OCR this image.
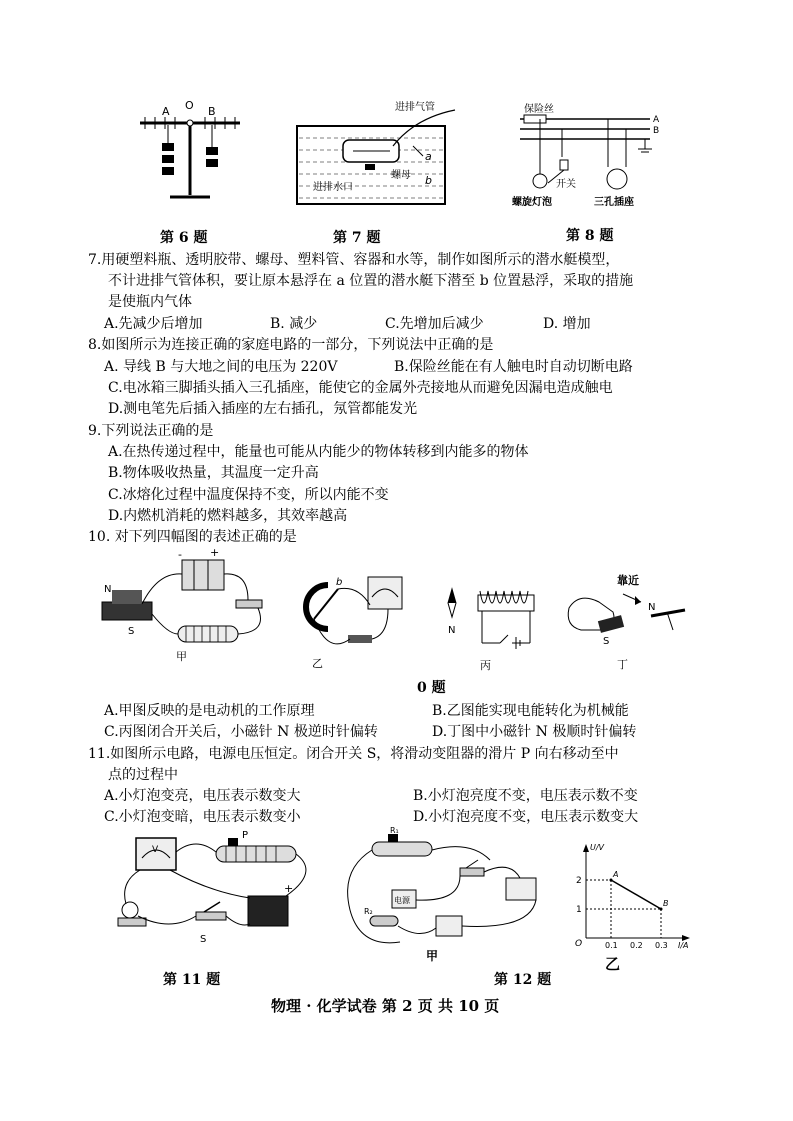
A O B	进排气管
进排水口
螺母
a
b
保险丝
A
B
开关
螺旋灯泡	三孔插座
第 6 题	第 7 题	第 8 题
7.用硬塑料瓶、透明胶带、螺母、塑料管、容器和水等，制作如图所示的潜水艇模型，
不计进排气管体积，要让原本悬浮在 a 位置的潜水艇下潜至 b 位置悬浮，采取的措施
是使瓶内气体
A.先减少后增加	B. 减少	C.先增加后减少	D. 增加
8.如图所示为连接正确的家庭电路的一部分，下列说法中正确的是
A. 导线 B 与大地之间的电压为 220V	B.保险丝能在有人触电时自动切断电路
C.电冰箱三脚插头插入三孔插座，能使它的金属外壳接地从而避免因漏电造成触电
D.测电笔先后插入插座的左右插孔，氖管都能发光
9.下列说法正确的是
A.在热传递过程中，能量也可能从内能少的物体转移到内能多的物体
B.物体吸收热量，其温度一定升高
C.冰熔化过程中温度保持不变，所以内能不变
D.内燃机消耗的燃料越多，其效率越高
10. 对下列四幅图的表述正确的是
-	+
N
S
甲
b
乙
N
丙
靠近
N
S
丁
0 题
A.甲图反映的是电动机的工作原理	B.乙图能实现电能转化为机械能
C.丙图闭合开关后，小磁针 N 极逆时针偏转	D.丁图中小磁针 N 极顺时针偏转
11.如图所示电路，电源电压恒定。闭合开关 S，将滑动变阻器的滑片 P 向右移动至中
点的过程中
A.小灯泡变亮，电压表示数变大	B.小灯泡亮度不变，电压表示数不变
C.小灯泡变暗，电压表示数变小	D.小灯泡亮度不变，电压表示数变大
V
P
S
+
R₁
R₂
电源
甲
U/V
I/A
O
2
1
0.1 0.2 0.3
A
B
乙
第 11 题	第 12 题
物理 · 化学试卷 第 2 页 共 10 页
